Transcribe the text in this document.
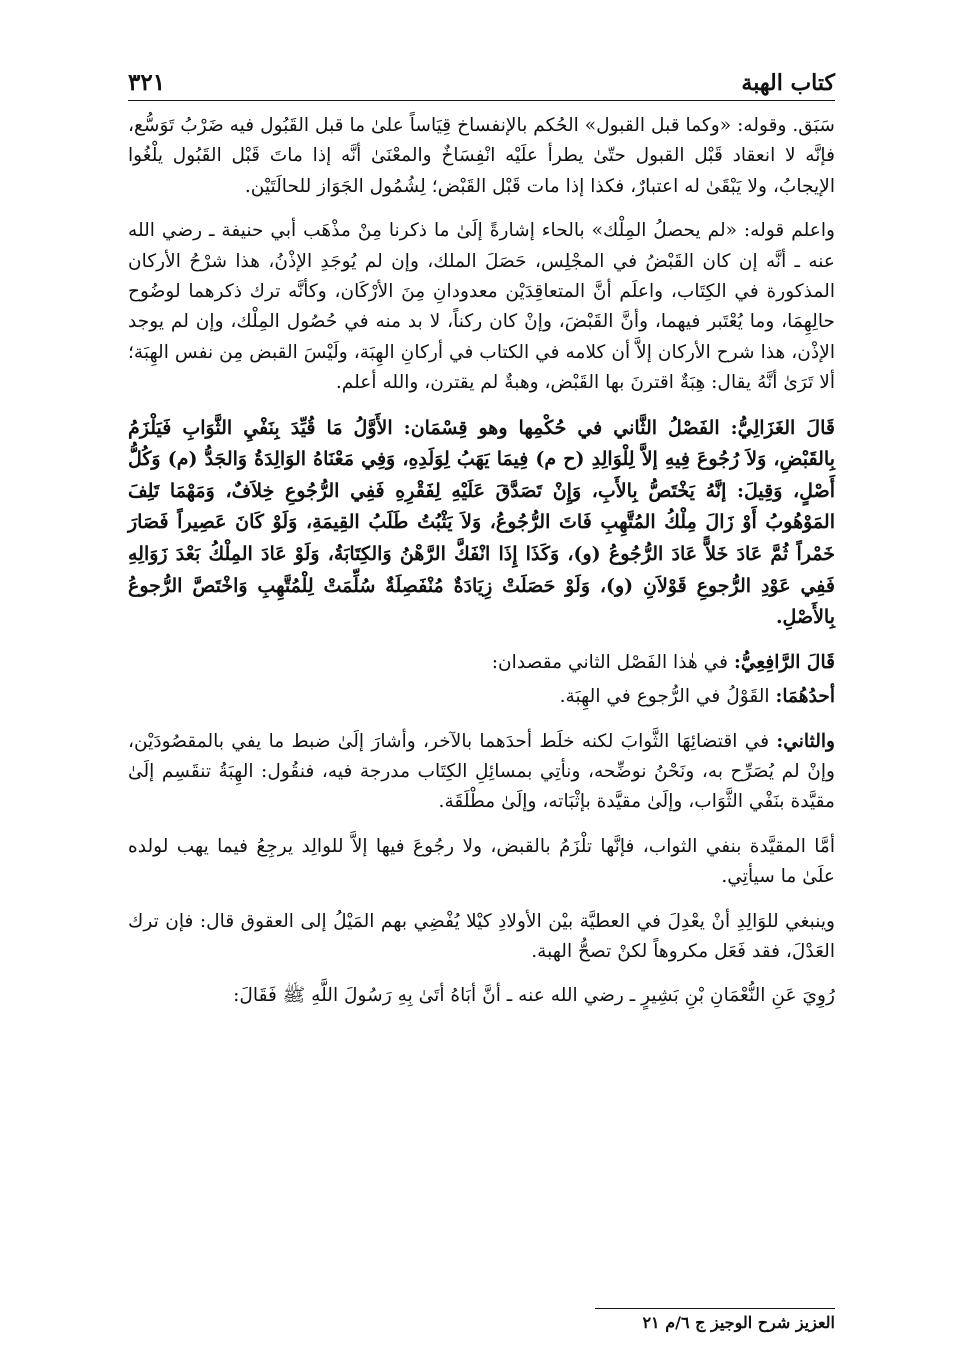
كتاب الهبة
٣٢١

سَبَق. وقوله: «وكما قبل القبول» الحُكم بالإنفساخ قِيَاساً علىٰ ما قبل القَبُول فيه ضَرْبُ تَوَسُّع، فإنَّه لا انعقاد قَبْل القبول حتّىٰ يطرأ علَيْه انْفِسَاخٌ والمعْنَىٰ أنَّه إذا ماتَ قَبْل القَبُول يلْغُوا الإيجابُ، ولا يَبْقَىٰ له اعتبارٌ، فكذا إذا مات قَبْل القَبْض؛ لِشُمُول الجَوَاز للحالَتَيْن.

واعلم قوله: «لم يحصلُ المِلْك» بالحاء إشارةً إلَىٰ ما ذكرنا مِنْ مذْهَب أبي حنيفة ـ رضي الله عنه ـ أنَّه إن كان القَبْضُ في المجْلِس، حَصَلَ الملك، وإن لم يُوجَدِ الإذْنُ، هذا شرْحُ الأركان المذكورة في الكِتَاب، واعلَم أنَّ المتعاقِدَيْن معدودانِ مِنَ الأرْكَان، وكأنَّه ترك ذكرهما لوضُوح حالِهِمَا، وما يُعْتَبر فيهما، وأنَّ القَبْضَ، وإنْ كان ركناً، لا بد منه في حُصُول المِلْك، وإن لم يوجد الإذْن، هذا شرح الأركان إلاَّ أن كلامه في الكتاب في أركانِ الهِبَة، ولَيْسَ القبض مِن نفس الهِبَة؛ ألا تَرَىٰ أنَّهُ يقال: هِبَةٌ اقترنَ بها القَبْض، وهبةٌ لم يقترن، والله أعلم.

قَالَ الغَزَالِيُّ: الفَصْلُ الثَّاني في حُكْمِها وهو قِسْمَان: الأَوَّلُ مَا قُيِّدَ بِنَفْيِ الثَّوَابِ فَيَلْزَمُ بِالقَبْضِ، وَلاَ رُجُوعَ فِيهِ إلاَّ لِلْوَالِدِ (ح م) فِيمَا يَهَبُ لِوَلَدِهِ، وَفِي مَعْنَاهُ الوَالِدَةُ وَالجَدُّ (م) وَكُلُّ أَصْلٍ، وَقِيلَ: إنَّهُ يَخْتَصُّ بِالأَبِ، وَإِنْ تَصَدَّقَ عَلَيْهِ لِفَقْرِهِ فَفِي الرُّجُوعِ خِلاَفٌ، وَمَهْمَا تَلِفَ المَوْهُوبُ أَوْ زَالَ مِلْكُ المُتَّهِبِ فَاتَ الرُّجُوعُ، وَلاَ يَثْبُتُ طَلَبُ القِيمَةِ، وَلَوْ كَانَ عَصِيراً فَصَارَ خَمْراً ثُمَّ عَادَ خَلاًّ عَادَ الرُّجُوعُ (و)، وَكَذَا إِذَا انْفَكَّ الرَّهْنُ وَالكِتَابَةُ، وَلَوْ عَادَ المِلْكُ بَعْدَ زَوَالِهِ فَفِي عَوْدِ الرُّجوعِ قَوْلاَنِ (و)، وَلَوْ حَصَلَتْ زِيَادَةٌ مُنْفَصِلَةٌ سُلِّمَتْ لِلْمُتَّهِبِ وَاخْتَصَّ الرُّجوعُ بِالأَصْلِ.

قَالَ الرَّافِعِيُّ: في هٰذا الفَصْل الثاني مقصدان:

أحدُهُمَا: القَوْلُ في الرُّجوع في الهِبَة.

والثاني: في اقتضائِهَا الثَّوابَ لكنه خلَط أحدَهما بالآخر، وأشارَ إلَىٰ ضبط ما يفي بالمقصُودَيْن، وإنْ لم يُصَرِّح به، ونَحْنُ نوضِّحه، ونأتِي بمسائِلِ الكِتَاب مدرجة فيه، فنقُول: الهِبَةُ تنقَسِم إلَىٰ مقيَّدة بنَفْي الثَّوَاب، وإلَىٰ مقيَّدة بإثْبَاته، وإلَىٰ مطْلَقَة.

أمَّا المقيَّدة بنفي الثواب، فإنَّها تلْزَمُ بالقبض، ولا رجُوعَ فيها إلاَّ للوالِد يرجِعُ فيما يهب لولده علَىٰ ما سيأتِي.

وينبغي للوَالِدِ أنْ يعْدِلَ في العطيَّة بيْن الأولادِ كيْلا يُفْضِي بهم المَيْلُ إلى العقوق قال: فإن ترك العَدْلَ، فقد فَعَل مكروهاً لكنْ تصحُّ الهبة.

رُوِيَ عَنِ النُّعْمَانِ بْنِ بَشِيرٍ ـ رضي الله عنه ـ أنَّ أبَاهُ أتَىٰ بِهِ رَسُولَ اللَّهِ ﷺ فَقَالَ:

العزيز شرح الوجيز ج ٦/م ٢١
